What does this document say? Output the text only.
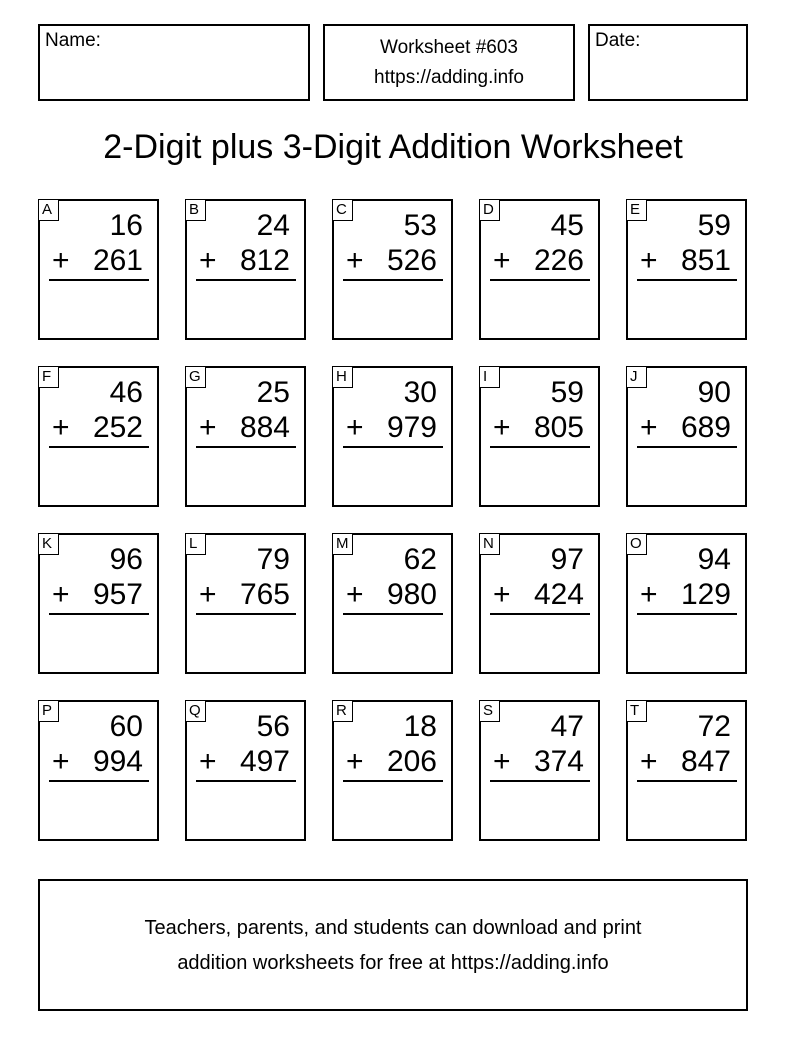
Name:	Worksheet #603
https://adding.info
Date:
2-Digit plus 3-Digit Addition Worksheet
A 16
+ 261
B 24
+ 812
C 53
+ 526
D 45
+ 226
E 59
+ 851
F 46
+ 252
G 25
+ 884
H 30
+ 979
I	59
+ 805
J	90
+ 689
K 96
+ 957
L 79
+ 765
M 62
+ 980
N 97
+ 424
O 94
+ 129
P 60
+ 994
Q 56
+ 497
R 18
+ 206
S 47
+ 374
T 72
+ 847
Teachers, parents, and students can download and print
addition worksheets for free at https://adding.info
